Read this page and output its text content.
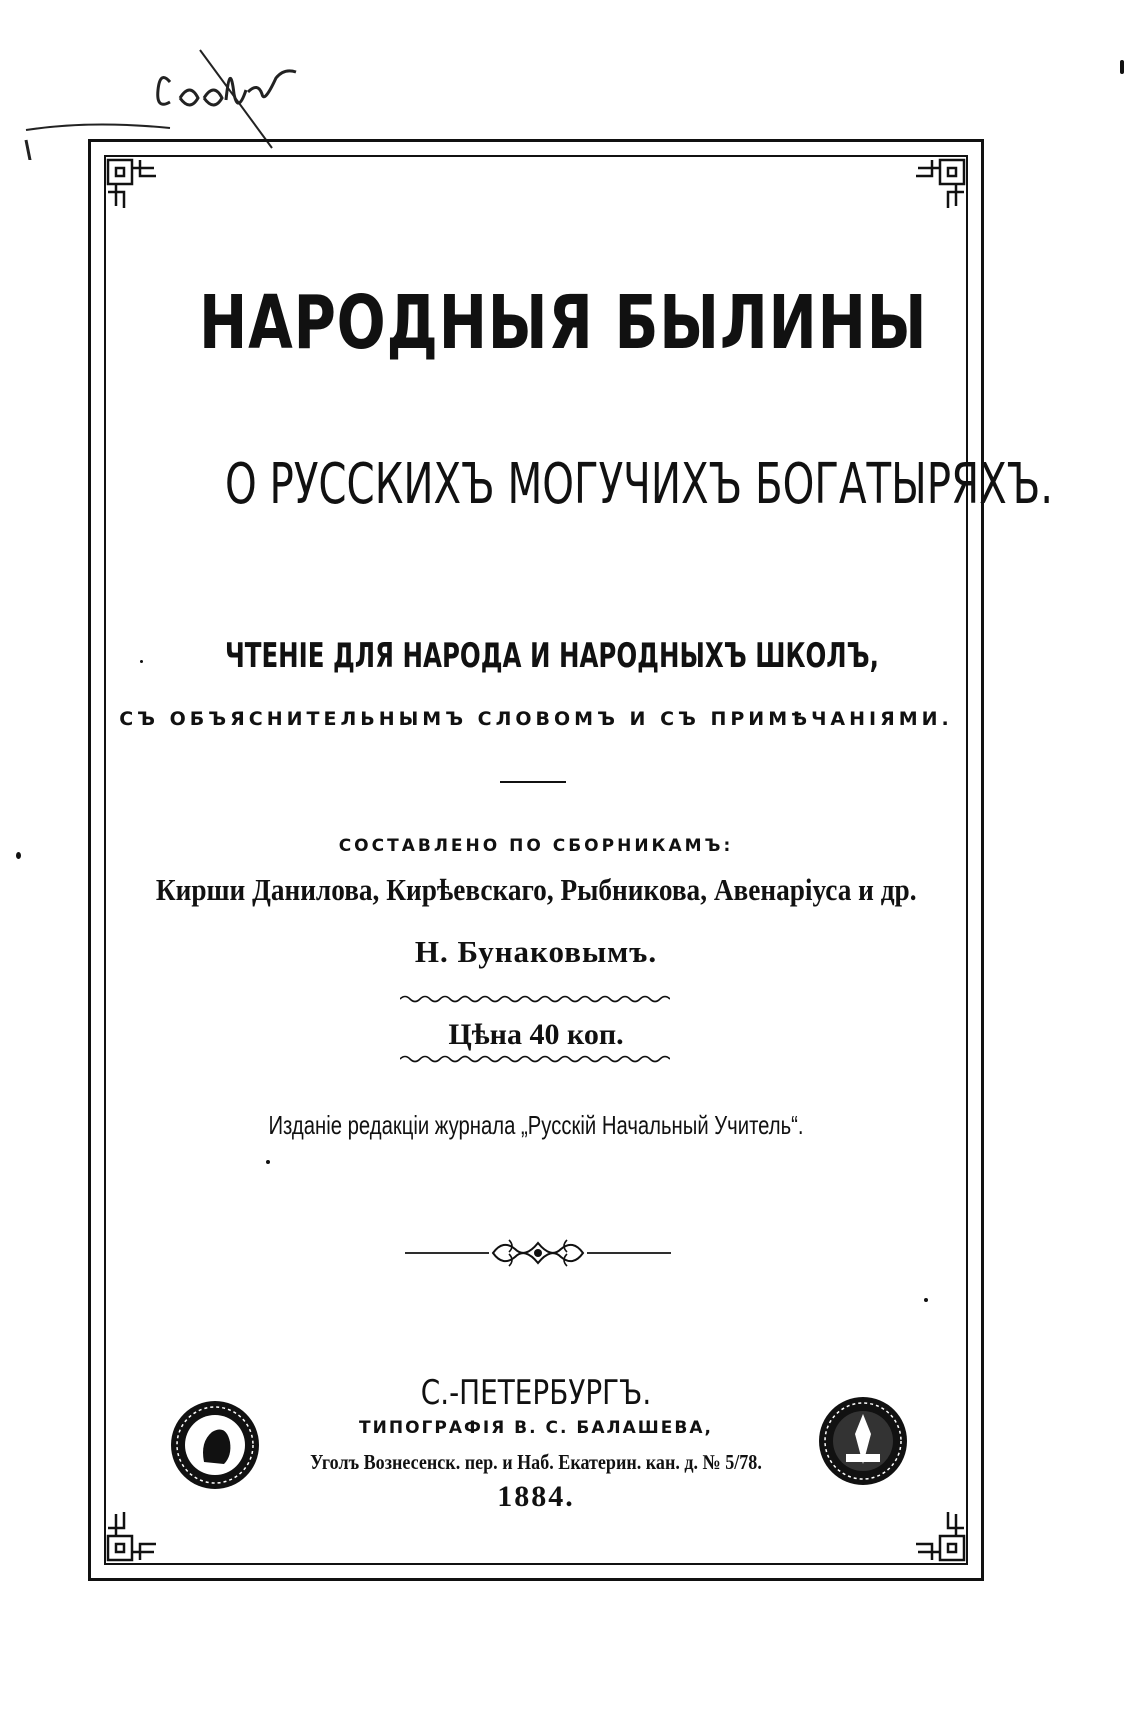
НАРОДНЫЯ БЫЛИНЫ
О РУССКИХЪ МОГУЧИХЪ БОГАТЫРЯХЪ.
ЧТЕНІЕ ДЛЯ НАРОДА И НАРОДНЫХЪ ШКОЛЪ,
СЪ ОБЪЯСНИТЕЛЬНЫМЪ СЛОВОМЪ И СЪ ПРИМѢЧАНІЯМИ.
СОСТАВЛЕНО ПО СБОРНИКАМЪ:
Кирши Данилова, Кирѣевскаго, Рыбникова, Авенаріуса и др.
Н. Бунаковымъ.
Цѣна 40 коп.
Изданіе редакціи журнала „Русскій Начальный Учитель“.
С.-ПЕТЕРБУРГЪ.
ТИПОГРАФІЯ В. С. БАЛАШЕВА,
Уголъ Вознесенск. пер. и Наб. Екатерин. кан. д. № 5/78.
1884.
